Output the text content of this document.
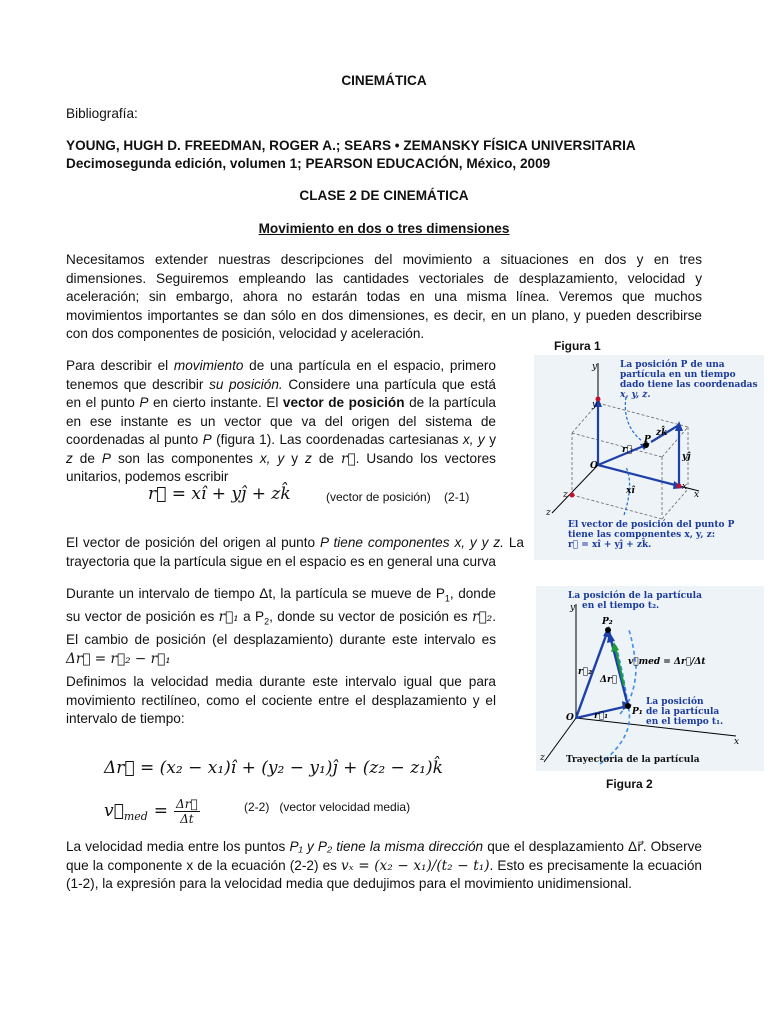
CINEMÁTICA
Bibliografía:
YOUNG, HUGH D. FREEDMAN, ROGER A.; SEARS • ZEMANSKY FÍSICA UNIVERSITARIA
Decimosegunda edición, volumen 1; PEARSON EDUCACIÓN, México, 2009
CLASE 2 DE CINEMÁTICA
Movimiento en dos o tres dimensiones
Necesitamos extender nuestras descripciones del movimiento a situaciones en dos y en tres dimensiones. Seguiremos empleando las cantidades vectoriales de desplazamiento, velocidad y aceleración; sin embargo, ahora no estarán todas en una misma línea. Veremos que muchos movimientos importantes se dan sólo en dos dimensiones, es decir, en un plano, y pueden describirse con dos componentes de posición, velocidad y aceleración.
Para describir el movimiento de una partícula en el espacio, primero tenemos que describir su posición. Considere una partícula que está en el punto P en cierto instante. El vector de posición de la partícula en ese instante es un vector que va del origen del sistema de coordenadas al punto P (figura 1). Las coordenadas cartesianas x, y y z de P son las componentes x, y y z de r⃗. Usando los vectores unitarios, podemos escribir
r⃗ = xî + yĵ + zk̂	(vector de posición)    (2-1)
El vector de posición del origen al punto P tiene componentes x, y y z. La trayectoria que la partícula sigue en el espacio es en general una curva
Durante un intervalo de tiempo Δt, la partícula se mueve de $P_1$, donde su vector de posición es r⃗₁ a $P_2$, donde su vector de posición es r⃗₂. El cambio de posición (el desplazamiento) durante este intervalo es Δr⃗ = r⃗₂ − r⃗₁
Definimos la velocidad media durante este intervalo igual que para movimiento rectilíneo, como el cociente entre el desplazamiento y el intervalo de tiempo:
Δr⃗ = (x₂ − x₁)î + (y₂ − y₁)ĵ + (z₂ − z₁)k̂
$v⃗_{med} = \frac{\Delta r⃗}{\Delta t}$	(2-2)   (vector velocidad media)
La velocidad media entre los puntos P₁ y P₂ tiene la misma dirección que el desplazamiento Δr⃗. Observe que la componente x de la ecuación (2-2) es vₓ = (x₂ − x₁)/(t₂ − t₁). Esto es precisamente la ecuación (1-2), la expresión para la velocidad media que dedujimos para el movimiento unidimensional.
Figura 1
y
y
x
x
z
z
O
P
r⃗
xî
yĵ
zk̂
La posición P de una
partícula en un tiempo
dado tiene las coordenadas
x, y, z.
El vector de posición del punto P
tiene las componentes x, y, z:
r⃗ = xî + yĵ + zk̂.
y
x
z
O
P₁
P₂
r⃗₁
r⃗₂
Δr⃗
v⃗med = Δr⃗/Δt
La posición de la partícula
en el tiempo t₂.
La posición
de la partícula
en el tiempo t₁.
Trayectoria de la partícula
Figura 2
